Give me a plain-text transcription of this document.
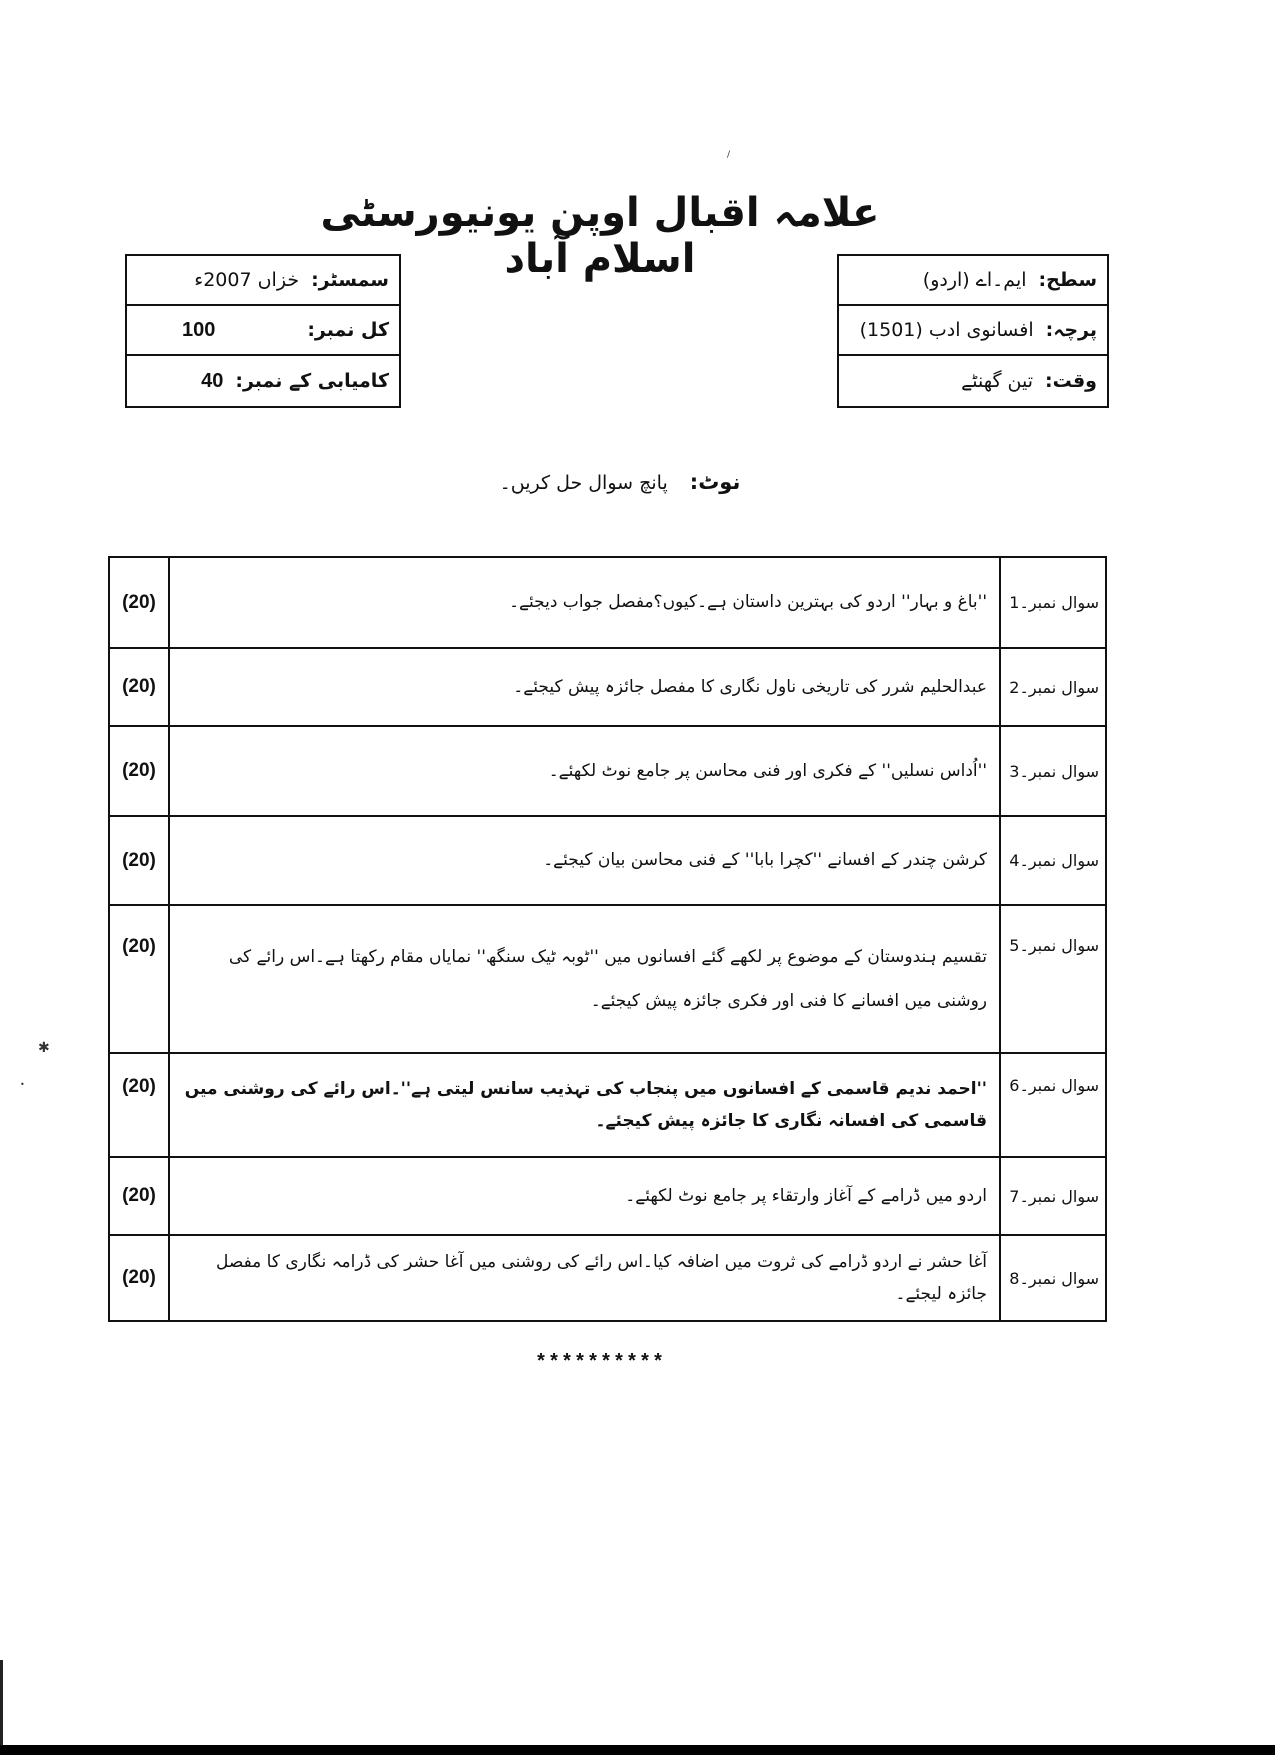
علامہ اقبال اوپن یونیورسٹی اسلام آباد	سطح:
ایم۔اے (اردو)
پرچہ:
افسانوی ادب (1501)
وقت:
تین گھنٹے
سمسٹر:
خزاں 2007ء
کل نمبر:
100
کامیابی کے نمبر:
40
نوٹ: پانچ سوال حل کریں۔
(20)	''باغ و بہار'' اردو کی بہترین داستان ہے۔کیوں؟مفصل جواب دیجئے۔	سوال نمبر۔1
(20)	عبدالحلیم شرر کی تاریخی ناول نگاری کا مفصل جائزہ پیش کیجئے۔	سوال نمبر۔2
(20)	''اُداس نسلیں'' کے فکری اور فنی محاسن پر جامع نوٹ لکھئے۔	سوال نمبر۔3
(20)	کرشن چندر کے افسانے ''کچرا بابا'' کے فنی محاسن بیان کیجئے۔	سوال نمبر۔4
(20)	تقسیم ہندوستان کے موضوع پر لکھے گئے افسانوں میں ''ٹوبہ ٹیک سنگھ'' نمایاں مقام رکھتا ہے۔اس رائے کی روشنی میں افسانے کا فنی اور فکری جائزہ پیش کیجئے۔	سوال نمبر۔5
(20)	''احمد ندیم قاسمی کے افسانوں میں پنجاب کی تہذیب سانس لیتی ہے''۔اس رائے کی روشنی میں قاسمی کی افسانہ نگاری کا جائزہ پیش کیجئے۔	سوال نمبر۔6
(20)	اردو میں ڈرامے کے آغاز وارتقاء پر جامع نوٹ لکھئے۔	سوال نمبر۔7
(20)	آغا حشر نے اردو ڈرامے کی ثروت میں اضافہ کیا۔اس رائے کی روشنی میں آغا حشر کی ڈرامہ نگاری کا مفصل جائزہ لیجئے۔	سوال نمبر۔8
**********
✱
•
/
